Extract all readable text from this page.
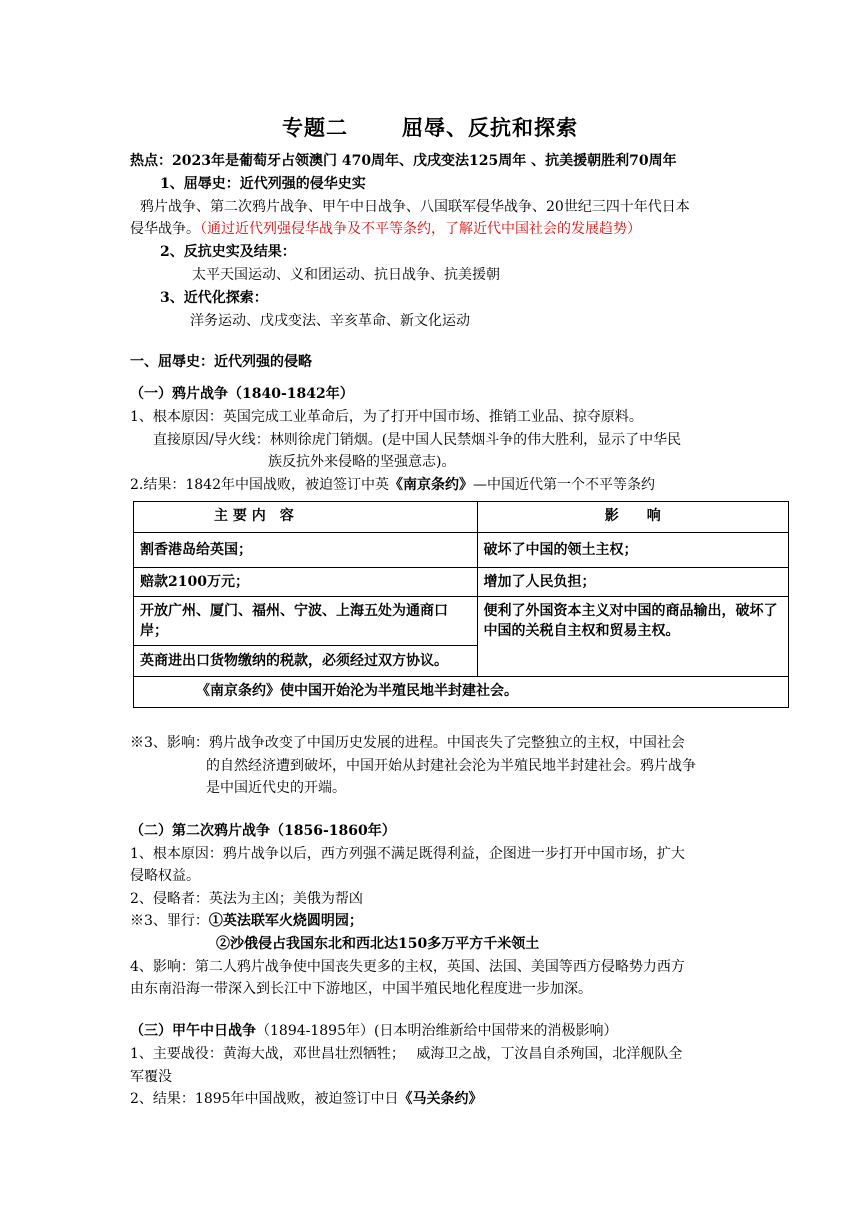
专题二	屈辱、反抗和探索
热点：2023年是葡萄牙占领澳门 470周年、戊戌变法125周年 、抗美援朝胜利70周年
1、屈辱史：近代列强的侵华史实
鸦片战争、第二次鸦片战争、甲午中日战争、八国联军侵华战争、20世纪三四十年代日本
侵华战争。（通过近代列强侵华战争及不平等条约，了解近代中国社会的发展趋势）
2、反抗史实及结果：
太平天国运动、义和团运动、抗日战争、抗美援朝
3、近代化探索：
洋务运动、戊戌变法、辛亥革命、新文化运动
一、屈辱史：近代列强的侵略
（一）鸦片战争（1840-1842年）
1、根本原因：英国完成工业革命后，为了打开中国市场、推销工业品、掠夺原料。
直接原因/导火线：林则徐虎门销烟。(是中国人民禁烟斗争的伟大胜利，显示了中华民
族反抗外来侵略的坚强意志)。
2.结果：1842年中国战败，被迫签订中英《南京条约》—中国近代第一个不平等条约
主 要 内　容	影　　响
割香港岛给英国；	破坏了中国的领土主权；
赔款2100万元；	增加了人民负担；
开放广州、厦门、福州、宁波、上海五处为通商口岸；	便利了外国资本主义对中国的商品输出，破坏了中国的关税自主权和贸易主权。
英商进出口货物缴纳的税款，必须经过双方协议。	
《南京条约》使中国开始沦为半殖民地半封建社会。	
※3、影响：鸦片战争改变了中国历史发展的进程。中国丧失了完整独立的主权，中国社会
的自然经济遭到破坏，中国开始从封建社会沦为半殖民地半封建社会。鸦片战争
是中国近代史的开端。
（二）第二次鸦片战争（1856-1860年）
1、根本原因：鸦片战争以后，西方列强不满足既得利益，企图进一步打开中国市场，扩大
侵略权益。
2、侵略者：英法为主凶；美俄为帮凶
※3、罪行：①英法联军火烧圆明园；
②沙俄侵占我国东北和西北达150多万平方千米领土
4、影响：第二人鸦片战争使中国丧失更多的主权，英国、法国、美国等西方侵略势力西方
由东南沿海一带深入到长江中下游地区，中国半殖民地化程度进一步加深。
（三）甲午中日战争（1894-1895年）(日本明治维新给中国带来的消极影响）
1、主要战役：黄海大战，邓世昌壮烈牺牲；　 威海卫之战，丁汝昌自杀殉国，北洋舰队全
军覆没
2、结果：1895年中国战败，被迫签订中日《马关条约》
